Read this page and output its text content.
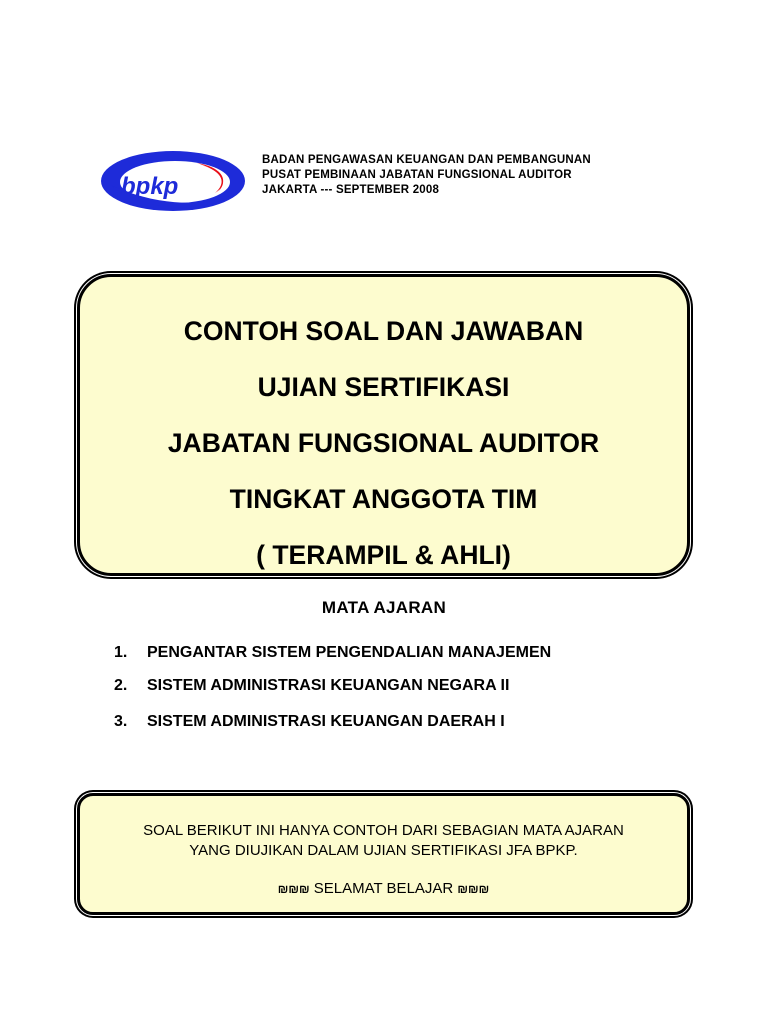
bpkp
BADAN PENGAWASAN KEUANGAN DAN PEMBANGUNAN
PUSAT PEMBINAAN JABATAN FUNGSIONAL AUDITOR
JAKARTA --- SEPTEMBER 2008
CONTOH SOAL DAN JAWABAN
UJIAN SERTIFIKASI
JABATAN FUNGSIONAL AUDITOR
TINGKAT ANGGOTA TIM
( TERAMPIL & AHLI)
MATA AJARAN
1.	PENGANTAR SISTEM PENGENDALIAN MANAJEMEN
2.	SISTEM ADMINISTRASI KEUANGAN NEGARA II
3.	SISTEM ADMINISTRASI KEUANGAN DAERAH I
SOAL BERIKUT INI HANYA CONTOH DARI SEBAGIAN MATA AJARAN
YANG DIUJIKAN DALAM UJIAN SERTIFIKASI JFA BPKP.
₪₪₪ SELAMAT BELAJAR ₪₪₪
